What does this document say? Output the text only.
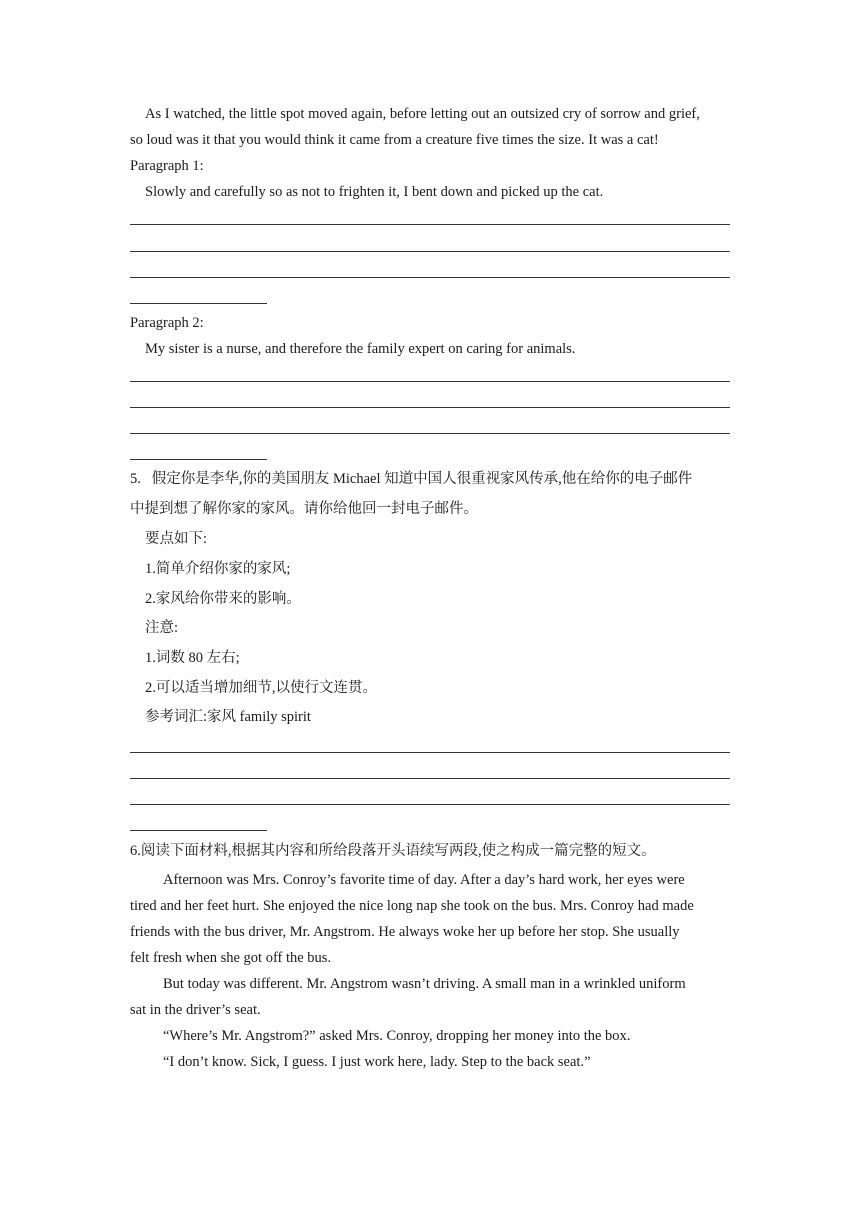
As I watched, the little spot moved again, before letting out an outsized cry of sorrow and grief,
so loud was it that you would think it came from a creature five times the size. It was a cat!
Paragraph 1:
Slowly and carefully so as not to frighten it, I bent down and picked up the cat.
Paragraph 2:
My sister is a nurse, and therefore the family expert on caring for animals.
5.   假定你是李华,你的美国朋友 Michael 知道中国人很重视家风传承,他在给你的电子邮件
中提到想了解你家的家风。请你给他回一封电子邮件。
要点如下:
1.简单介绍你家的家风;
2.家风给你带来的影响。
注意:
1.词数 80 左右;
2.可以适当增加细节,以使行文连贯。
参考词汇:家风 family spirit
6.阅读下面材料,根据其内容和所给段落开头语续写两段,使之构成一篇完整的短文。
Afternoon was Mrs. Conroy’s favorite time of day. After a day’s hard work, her eyes were
tired and her feet hurt. She enjoyed the nice long nap she took on the bus. Mrs. Conroy had made
friends with the bus driver, Mr. Angstrom. He always woke her up before her stop. She usually
felt fresh when she got off the bus.
But today was different. Mr. Angstrom wasn’t driving. A small man in a wrinkled uniform
sat in the driver’s seat.
“Where’s Mr. Angstrom?” asked Mrs. Conroy, dropping her money into the box.
“I don’t know. Sick, I guess. I just work here, lady. Step to the back seat.”
